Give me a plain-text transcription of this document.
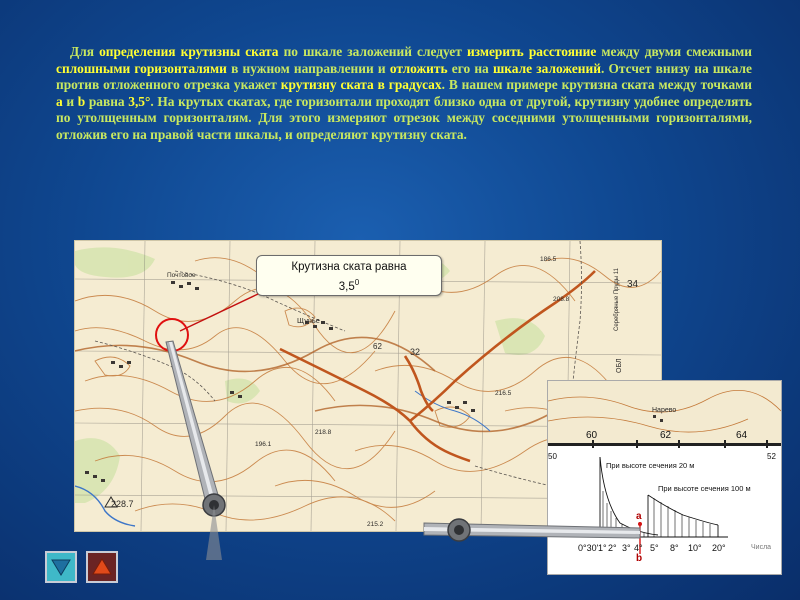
Для определения крутизны ската по шкале заложений следует измерить расстояние между двумя смежными сплошными горизонталями в нужном направлении и отложить его на шкале заложений. Отсчет внизу на шкале против отложенного отрезка укажет крутизну ската в градусах. В нашем примере крутизна ската между точками а и b равна 3,5°. На крутых скатах, где горизонтали проходят близко одна от другой, крутизну удобнее определять по утолщенным горизонталям. Для этого измеряют отрезок между соседними утолщенными горизонталями, отложив его на правой части шкалы, и определяют крутизну ската.

Щучье
Почтовое
32
34
62
208.8
218.8
216.5
196.1
186.5
215.2
228.7
ОБЛ
Серебряные Пруды 11
Нарево
60	62	64
50	52
При высоте сечения 20 м
При высоте сечения 100 м
Числа
а
b
0°30' 1° 2° 3° 4° 5° 8° 10° 20°
Крутизна ската равна
$3,5^0$
